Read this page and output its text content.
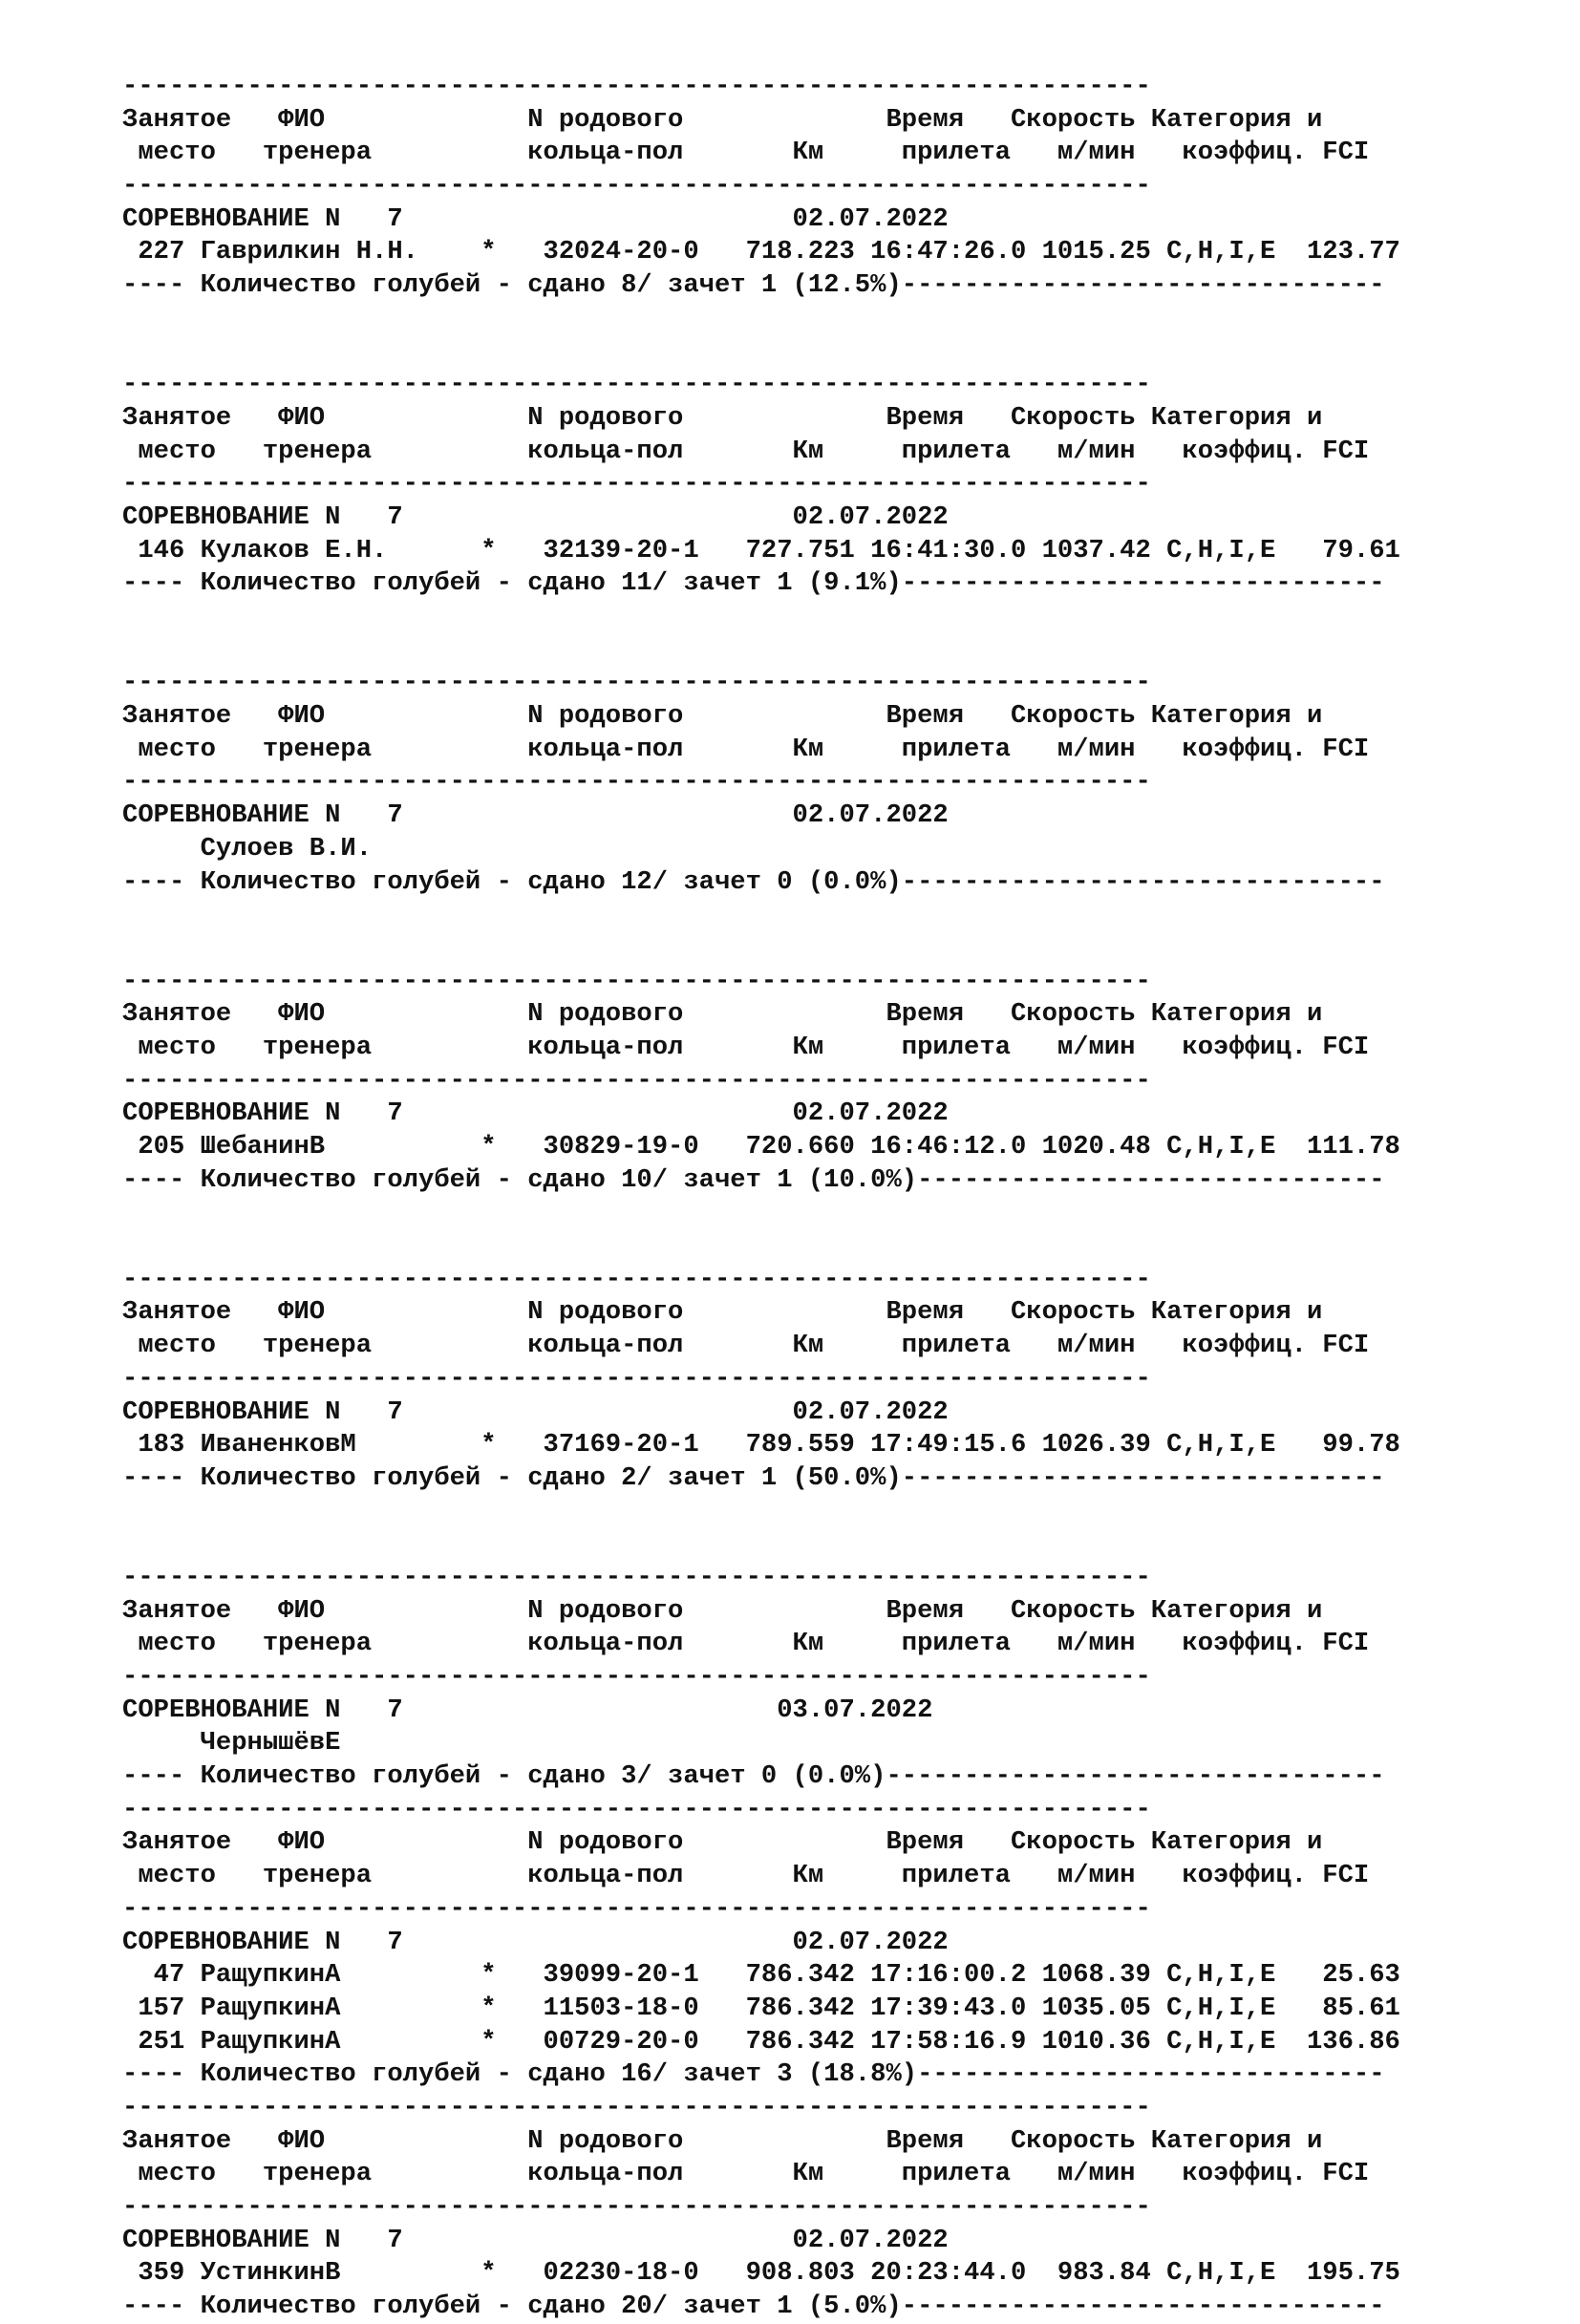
------------------------------------------------------------------
Занятое   ФИО             N родового             Время   Скорость Категория и
место   тренера          кольца-пол       Км     прилета   м/мин   коэффиц. FCI
------------------------------------------------------------------
СОРЕВНОВАНИЕ N   7                         02.07.2022
227 Гаврилкин Н.Н.    *   32024-20-0   718.223 16:47:26.0 1015.25 C,H,I,E  123.77
---- Количество голубей - сдано 8/ зачет 1 (12.5%)-------------------------------
------------------------------------------------------------------
Занятое   ФИО             N родового             Время   Скорость Категория и
место   тренера          кольца-пол       Км     прилета   м/мин   коэффиц. FCI
------------------------------------------------------------------
СОРЕВНОВАНИЕ N   7                         02.07.2022
146 Кулаков Е.Н.      *   32139-20-1   727.751 16:41:30.0 1037.42 C,H,I,E   79.61
---- Количество голубей - сдано 11/ зачет 1 (9.1%)-------------------------------
------------------------------------------------------------------
Занятое   ФИО             N родового             Время   Скорость Категория и
место   тренера          кольца-пол       Км     прилета   м/мин   коэффиц. FCI
------------------------------------------------------------------
СОРЕВНОВАНИЕ N   7                         02.07.2022
Сулоев В.И.
---- Количество голубей - сдано 12/ зачет 0 (0.0%)-------------------------------
------------------------------------------------------------------
Занятое   ФИО             N родового             Время   Скорость Категория и
место   тренера          кольца-пол       Км     прилета   м/мин   коэффиц. FCI
------------------------------------------------------------------
СОРЕВНОВАНИЕ N   7                         02.07.2022
205 ШебанинВ          *   30829-19-0   720.660 16:46:12.0 1020.48 C,H,I,E  111.78
---- Количество голубей - сдано 10/ зачет 1 (10.0%)------------------------------
------------------------------------------------------------------
Занятое   ФИО             N родового             Время   Скорость Категория и
место   тренера          кольца-пол       Км     прилета   м/мин   коэффиц. FCI
------------------------------------------------------------------
СОРЕВНОВАНИЕ N   7                         02.07.2022
183 ИваненковМ        *   37169-20-1   789.559 17:49:15.6 1026.39 C,H,I,E   99.78
---- Количество голубей - сдано 2/ зачет 1 (50.0%)-------------------------------
------------------------------------------------------------------
Занятое   ФИО             N родового             Время   Скорость Категория и
место   тренера          кольца-пол       Км     прилета   м/мин   коэффиц. FCI
------------------------------------------------------------------
СОРЕВНОВАНИЕ N   7                        03.07.2022
ЧернышёвЕ
---- Количество голубей - сдано 3/ зачет 0 (0.0%)--------------------------------
------------------------------------------------------------------
Занятое   ФИО             N родового             Время   Скорость Категория и
место   тренера          кольца-пол       Км     прилета   м/мин   коэффиц. FCI
------------------------------------------------------------------
СОРЕВНОВАНИЕ N   7                         02.07.2022
47 РащупкинА         *   39099-20-1   786.342 17:16:00.2 1068.39 C,H,I,E   25.63
157 РащупкинА         *   11503-18-0   786.342 17:39:43.0 1035.05 C,H,I,E   85.61
251 РащупкинА         *   00729-20-0   786.342 17:58:16.9 1010.36 C,H,I,E  136.86
---- Количество голубей - сдано 16/ зачет 3 (18.8%)------------------------------
------------------------------------------------------------------
Занятое   ФИО             N родового             Время   Скорость Категория и
место   тренера          кольца-пол       Км     прилета   м/мин   коэффиц. FCI
------------------------------------------------------------------
СОРЕВНОВАНИЕ N   7                         02.07.2022
359 УстинкинВ         *   02230-18-0   908.803 20:23:44.0  983.84 C,H,I,E  195.75
---- Количество голубей - сдано 20/ зачет 1 (5.0%)-------------------------------
